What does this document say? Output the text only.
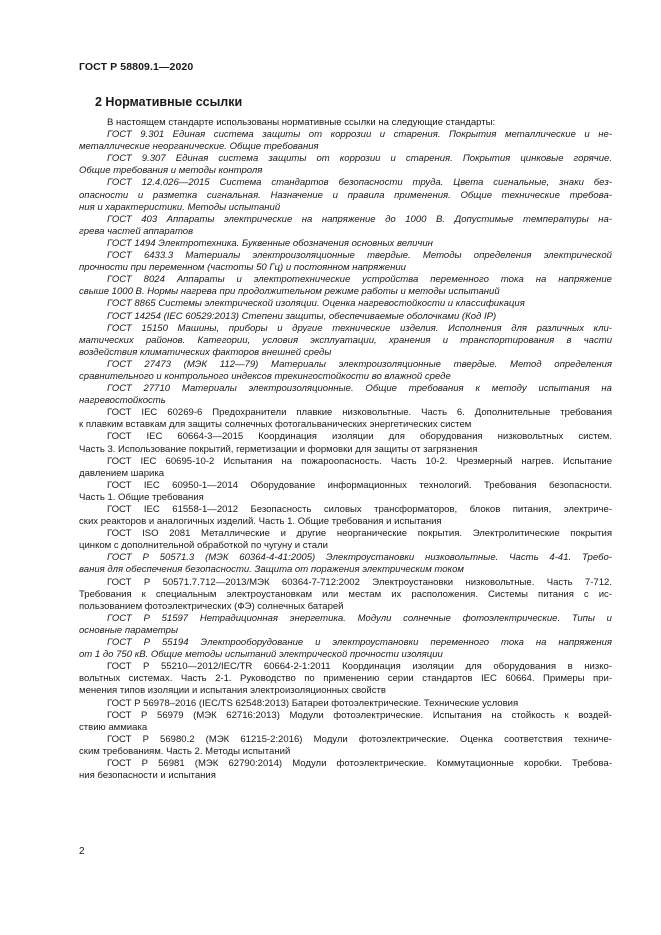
ГОСТ Р 58809.1—2020
2 Нормативные ссылки
В настоящем стандарте использованы нормативные ссылки на следующие стандарты:
ГОСТ 9.301 Единая система защиты от коррозии и старения. Покрытия металлические и не-
металлические неорганические. Общие требования
ГОСТ 9.307 Единая система защиты от коррозии и старения. Покрытия цинковые горячие.
Общие требования и методы контроля
ГОСТ 12.4.026—2015 Система стандартов безопасности труда. Цвета сигнальные, знаки без-
опасности и разметка сигнальная. Назначение и правила применения. Общие технические требова-
ния и характеристики. Методы испытаний
ГОСТ 403 Аппараты электрические на напряжение до 1000 В. Допустимые температуры на-
грева частей аппаратов
ГОСТ 1494 Электротехника. Буквенные обозначения основных величин
ГОСТ 6433.3 Материалы электроизоляционные твердые. Методы определения электрической
прочности при переменном (частоты 50 Гц) и постоянном напряжении
ГОСТ 8024 Аппараты и электротехнические устройства переменного тока на напряжение
свыше 1000 В. Нормы нагрева при продолжительном режиме работы и методы испытаний
ГОСТ 8865 Системы электрической изоляции. Оценка нагревостойкости и классификация
ГОСТ 14254 (IEC 60529:2013) Степени защиты, обеспечиваемые оболочками (Код IP)
ГОСТ 15150 Машины, приборы и другие технические изделия. Исполнения для различных кли-
матических районов. Категории, условия эксплуатации, хранения и транспортирования в части
воздействия климатических факторов внешней среды
ГОСТ 27473 (МЭК 112—79) Материалы электроизоляционные твердые. Метод определения
сравнительного и контрольного индексов трекингостойкости во влажной среде
ГОСТ 27710 Материалы электроизоляционные. Общие требования к методу испытания на
нагревостойкость
ГОСТ IEC 60269-6 Предохранители плавкие низковольтные. Часть 6. Дополнительные требования
к плавким вставкам для защиты солнечных фотогальванических энергетических систем
ГОСТ IEC 60664-3—2015 Координация изоляции для оборудования низковольтных систем.
Часть 3. Использование покрытий, герметизации и формовки для защиты от загрязнения
ГОСТ IEC 60695-10-2 Испытания на пожароопасность. Часть 10-2. Чрезмерный нагрев. Испытание
давлением шарика
ГОСТ IEC 60950-1—2014 Оборудование информационных технологий. Требования безопасности.
Часть 1. Общие требования
ГОСТ IEC 61558-1—2012 Безопасность силовых трансформаторов, блоков питания, электриче-
ских реакторов и аналогичных изделий. Часть 1. Общие требования и испытания
ГОСТ ISO 2081 Металлические и другие неорганические покрытия. Электролитические покрытия
цинком с дополнительной обработкой по чугуну и стали
ГОСТ Р 50571.3 (МЭК 60364-4-41:2005) Электроустановки низковольтные. Часть 4-41. Требо-
вания для обеспечения безопасности. Защита от поражения электрическим током
ГОСТ Р 50571.7.712—2013/МЭК 60364-7-712:2002 Электроустановки низковольтные. Часть 7-712.
Требования к специальным электроустановкам или местам их расположения. Системы питания с ис-
пользованием фотоэлектрических (ФЭ) солнечных батарей
ГОСТ Р 51597 Нетрадиционная энергетика. Модули солнечные фотоэлектрические. Типы и
основные параметры
ГОСТ Р 55194 Электрооборудование и электроустановки переменного тока на напряжения
от 1 до 750 кВ. Общие методы испытаний электрической прочности изоляции
ГОСТ Р 55210—2012/IEC/TR 60664-2-1:2011 Координация изоляции для оборудования в низко-
вольтных системах. Часть 2-1. Руководство по применению серии стандартов IEC 60664. Примеры при-
менения типов изоляции и испытания электроизоляционных свойств
ГОСТ Р 56978–2016 (IEC/TS 62548:2013) Батареи фотоэлектрические. Технические условия
ГОСТ Р 56979 (МЭК 62716:2013) Модули фотоэлектрические. Испытания на стойкость к воздей-
ствию аммиака
ГОСТ Р 56980.2 (МЭК 61215-2:2016) Модули фотоэлектрические. Оценка соответствия техниче-
ским требованиям. Часть 2. Методы испытаний
ГОСТ Р 56981 (МЭК 62790:2014) Модули фотоэлектрические. Коммутационные коробки. Требова-
ния безопасности и испытания
2
